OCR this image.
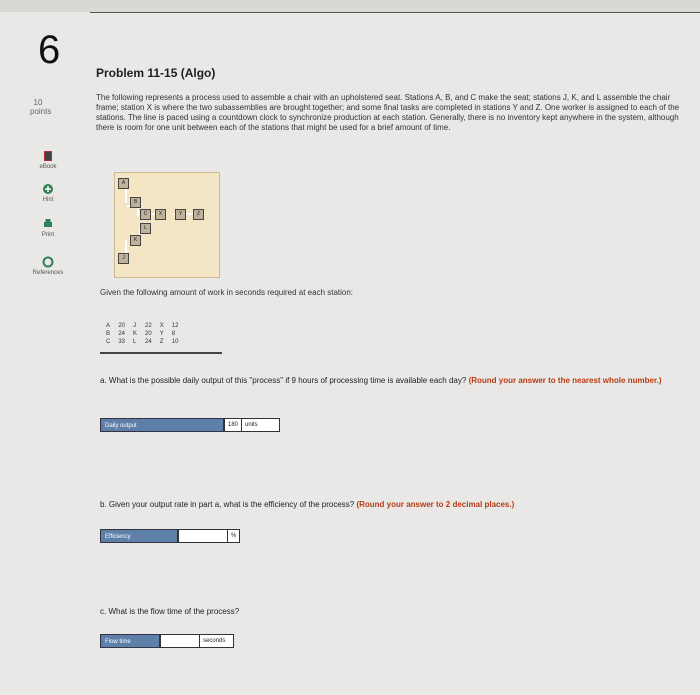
6
10
points
eBook
Hint
Print
References
Problem 11-15 (Algo)
The following represents a process used to assemble a chair with an upholstered seat. Stations A, B, and C make the seat; stations J, K, and L assemble the chair frame; station X is where the two subassemblies are brought together; and some final tasks are completed in stations Y and Z. One worker is assigned to each of the stations. The line is paced using a countdown clock to synchronize production at each station. Generally, there is no inventory kept anywhere in the system, although there is room for one unit between each of the stations that might be used for a brief amount of time.
A
B
C
J
K
L
X	Y	Z
Given the following amount of work in seconds required at each station:
A	20	J	22	X	12
B	24	K	20	Y	8
C	33	L	24	Z	10
a. What is the possible daily output of this "process" if 9 hours of processing time is available each day? (Round your answer to the nearest whole number.)
Daily output	180	units
b. Given your output rate in part a, what is the efficiency of the process? (Round your answer to 2 decimal places.)
Efficiency	%
c. What is the flow time of the process?
Flow time	seconds
